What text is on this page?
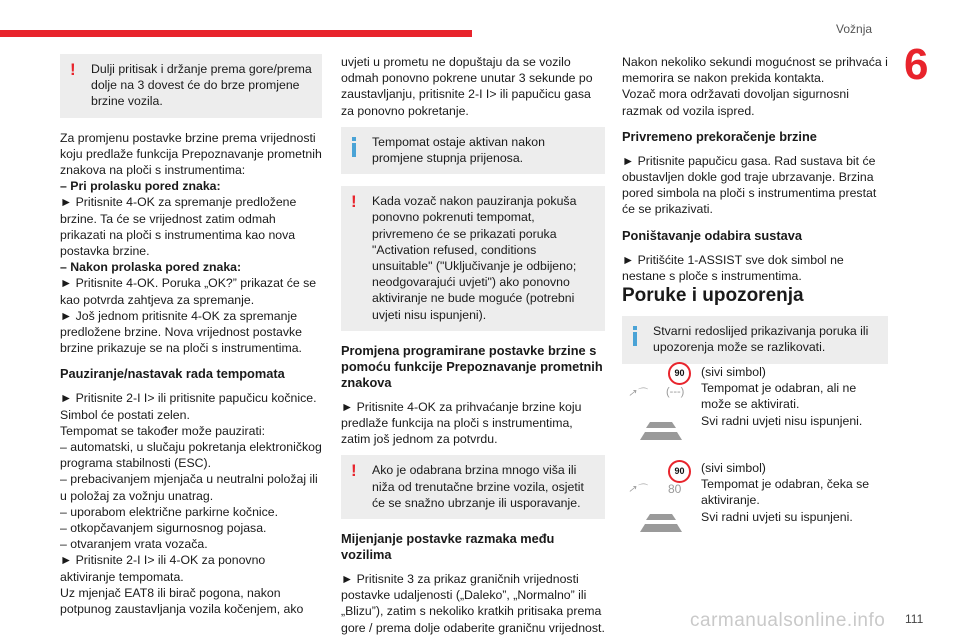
Vožnja
6
!	Dulji pritisak i držanje prema gore/prema dolje na 3 dovest će do brze promjene brzine vozila.

Za promjenu postavke brzine prema vrijednosti koju predlaže funkcija Prepoznavanje prometnih znakova na ploči s instrumentima:

– Pri prolasku pored znaka:

► Pritisnite 4-OK za spremanje predložene brzine. Ta će se vrijednost zatim odmah prikazati na ploči s instrumentima kao nova postavka brzine.

– Nakon prolaska pored znaka:

► Pritisnite 4-OK. Poruka „OK?” prikazat će se kao potvrda zahtjeva za spremanje.

► Još jednom pritisnite 4-OK za spremanje predložene brzine. Nova vrijednost postavke brzine prikazuje se na ploči s instrumentima.

Pauziranje/nastavak rada tempomata

► Pritisnite 2-I I> ili pritisnite papučicu kočnice. Simbol će postati zelen.

Tempomat se također može pauzirati:

– automatski, u slučaju pokretanja elektroničkog programa stabilnosti (ESC).

– prebacivanjem mjenjača u neutralni položaj ili u položaj za vožnju unatrag.

– uporabom električne parkirne kočnice.

– otkopčavanjem sigurnosnog pojasa.

– otvaranjem vrata vozača.

► Pritisnite 2-I I> ili 4-OK za ponovno aktiviranje tempomata.

Uz mjenjač EAT8 ili birač pogona, nakon potpunog zaustavljanja vozila kočenjem, ako

uvjeti u prometu ne dopuštaju da se vozilo odmah ponovno pokrene unutar 3 sekunde po zaustavljanju, pritisnite 2-I I> ili papučicu gasa za ponovno pokretanje.

Tempomat ostaje aktivan nakon promjene stupnja prijenosa.
!	Kada vozač nakon pauziranja pokuša ponovno pokrenuti tempomat, privremeno će se prikazati poruka "Activation refused, conditions unsuitable" ("Uključivanje je odbijeno; neodgovarajući uvjeti") ako ponovno aktiviranje ne bude moguće (potrebni uvjeti nisu ispunjeni).
Promjena programirane postavke brzine s pomoću funkcije Prepoznavanje prometnih znakova

► Pritisnite 4-OK za prihvaćanje brzine koju predlaže funkcija na ploči s instrumentima, zatim još jednom za potvrdu.

!	Ako je odabrana brzina mnogo viša ili niža od trenutačne brzine vozila, osjetit će se snažno ubrzanje ili usporavanje.
Mijenjanje postavke razmaka među vozilima

► Pritisnite 3 za prikaz graničnih vrijednosti postavke udaljenosti („Daleko”, „Normalno” ili „Blizu”), zatim s nekoliko kratkih pritisaka prema gore / prema dolje odaberite graničnu vrijednost.

Nakon nekoliko sekundi mogućnost se prihvaća i memorira se nakon prekida kontakta.

Vozač mora održavati dovoljan sigurnosni razmak od vozila ispred.

Privremeno prekoračenje brzine

► Pritisnite papučicu gasa. Rad sustava bit će obustavljen dokle god traje ubrzavanje. Brzina pored simbola na ploči s instrumentima prestat će se prikazivati.

Poništavanje odabira sustava

► Pritišćite 1-ASSIST sve dok simbol ne nestane s ploče s instrumentima.

Poruke i upozorenja
Stvarni redoslijed prikazivanja poruka ili upozorenja može se razlikovati.
90
↗⌒ (---)
(sivi simbol)
Tempomat je odabran, ali ne može se aktivirati.
Svi radni uvjeti nisu ispunjeni.
90
↗⌒ 80
(sivi simbol)
Tempomat je odabran, čeka se aktiviranje.
Svi radni uvjeti su ispunjeni.
carmanualsonline.info 111
